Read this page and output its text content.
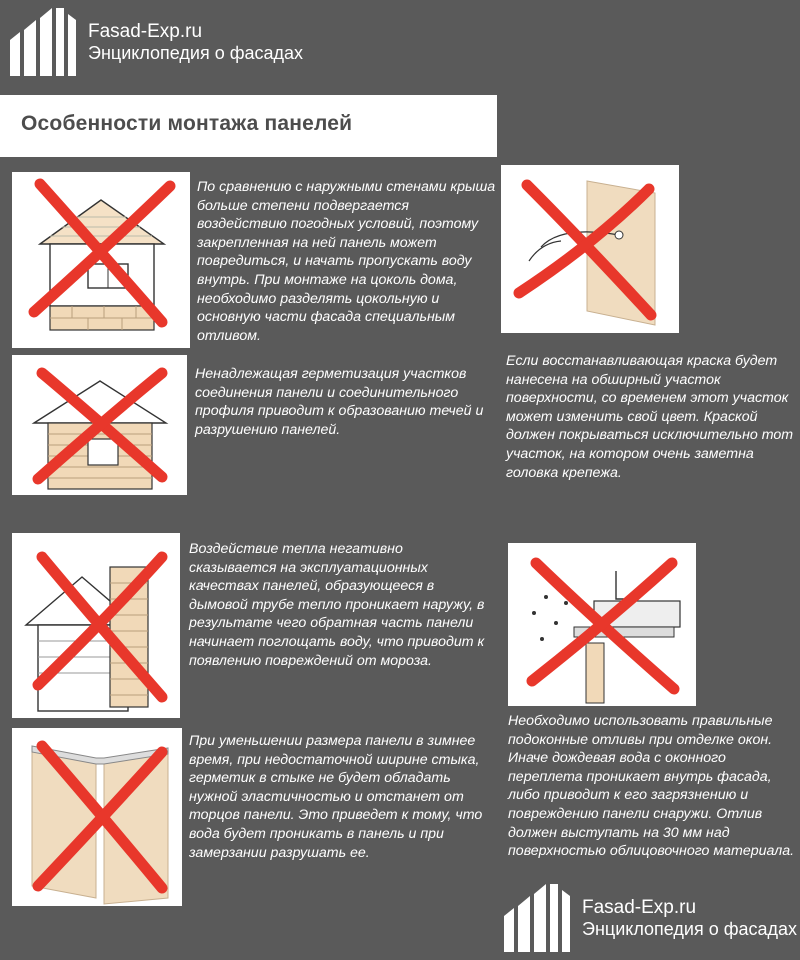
Fasad-Exp.ru
Энциклопедия о фасадах
Особенности монтажа панелей

По сравнению с наружными стенами крыша больше степени подвергается воздействию погодных условий, поэтому закрепленная на ней панель может повредиться, и начать пропускать воду внутрь. При монтаже на цоколь дома, необходимо разделять цокольную и основную части фасада специальным отливом.

Ненадлежащая герметизация участков соединения панели и соединительного профиля приводит к образованию течей и разрушению панелей.

Если восстанавливающая краска будет нанесена на обширный участок поверхности, со временем этот участок может изменить свой цвет. Краской должен покрываться исключительно тот участок, на котором очень заметна головка крепежа.

Воздействие тепла негативно сказывается на эксплуатационных качествах панелей, образующееся в дымовой трубе тепло проникает наружу, в результате чего обратная часть панели начинает поглощать воду, что приводит к появлению повреждений от мороза.

Необходимо использовать правильные подоконные отливы при отделке окон. Иначе дождевая вода с оконного переплета проникает внутрь фасада, либо приводит к его загрязнению и повреждению панели снаружи. Отлив должен выступать на 30 мм над поверхностью облицовочного материала.

При уменьшении размера панели в зимнее время, при недостаточной ширине стыка, герметик в стыке не будет обладать нужной эластичностью и отстанет от торцов панели. Это приведет к тому, что вода будет проникать в панель и при замерзании разрушать ее.

Fasad-Exp.ru
Энциклопедия о фасадах
